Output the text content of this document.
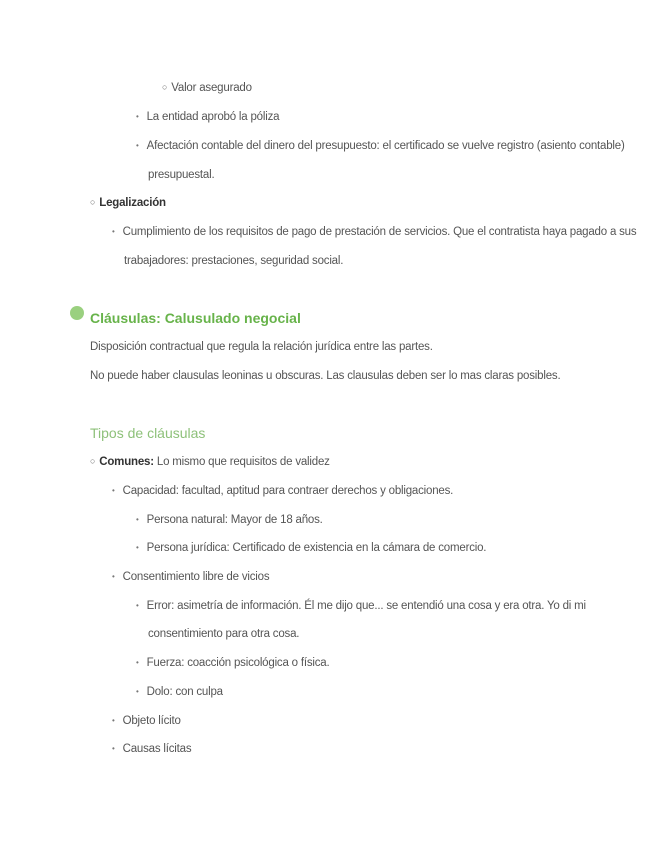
○ Valor asegurado
• La entidad aprobó la póliza
• Afectación contable del dinero del presupuesto: el certificado se vuelve registro (asiento contable)
presupuestal.
○ Legalización
• Cumplimiento de los requisitos de pago de prestación de servicios. Que el contratista haya pagado a sus
trabajadores: prestaciones, seguridad social.
Cláusulas: Calusulado negocial
Disposición contractual que regula la relación jurídica entre las partes.
No puede haber clausulas leoninas u obscuras. Las clausulas deben ser lo mas claras posibles.
Tipos de cláusulas
○ Comunes: Lo mismo que requisitos de validez
• Capacidad: facultad, aptitud para contraer derechos y obligaciones.
• Persona natural: Mayor de 18 años.
• Persona jurídica: Certificado de existencia en la cámara de comercio.
• Consentimiento libre de vicios
• Error: asimetría de información. Él me dijo que... se entendió una cosa y era otra. Yo di mi
consentimiento para otra cosa.
• Fuerza: coacción psicológica o física.
• Dolo: con culpa
• Objeto lícito
• Causas lícitas
